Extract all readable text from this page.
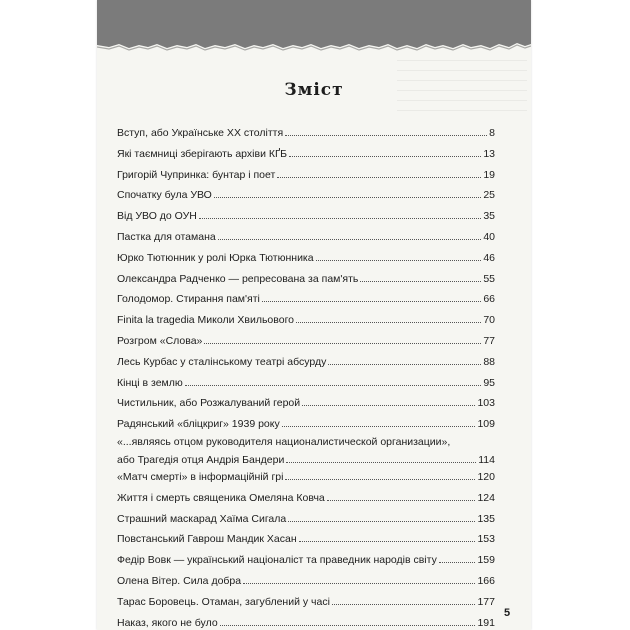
Зміст
Вступ, або Українське ХХ століття	8
Які таємниці зберігають архіви КҐБ	13
Григорій Чупринка: бунтар і поет	19
Спочатку була УВО	25
Від УВО до ОУН	35
Пастка для отамана	40
Юрко Тютюнник у ролі Юрка Тютюнника	46
Олександра Радченко — репресована за пам'ять	55
Голодомор. Стирання пам'яті	66
Finita la tragedia Миколи Хвильового	70
Розгром «Слова»	77
Лесь Курбас у сталінському театрі абсурду	88
Кінці в землю	95
Чистильник, або Розжалуваний герой	103
Радянський «бліцкриг» 1939 року	109
«...являясь отцом руководителя националистической организации»,
або Трагедія отця Андрія Бандери	114
«Матч смерті» в інформаційній грі	120
Життя і смерть священика Омеляна Ковча	124
Страшний маскарад Хаїма Сигала	135
Повстанський Гаврош Мандик Хасан	153
Федір Вовк — український націоналіст та праведник народів світу	159
Олена Вітер. Сила добра	166
Тарас Боровець. Отаман, загублений у часі	177
Наказ, якого не було	191
5
